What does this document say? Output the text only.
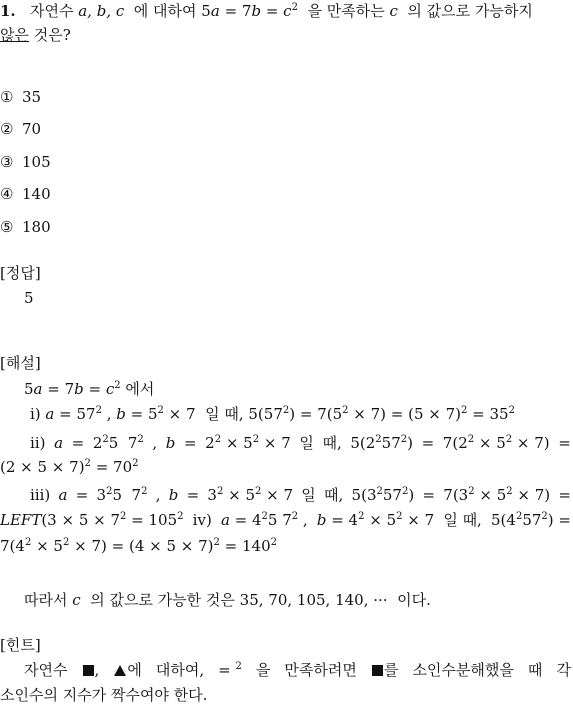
1.   자연수 a, b, c  에 대하여 $5a = 7b = c^2$  을 만족하는 c  의 값으로 가능하지
않은 것은?
① 35
② 70
③ 105
④ 140
⑤ 180
[정답]
5
[해설]
$5a = 7b = c^2$ 에서
ⅰ) $a = 57^2$ , $b = 5^2 \times 7$  일 때, $5(57^2) = 7(5^2 \times 7) = (5 \times 7)^2 = 35^2$
ⅱ) $a = 2^25$  $7^2$ , $b = 2^2 \times 5^2 \times 7$ 일 때, $5(2^257^2) = 7(2^2 \times 5^2 \times 7)$ =
$(2 \times 5 \times 7)^2 = 70^2$
ⅲ) $a = 3^25$  $7^2$ , $b = 3^2 \times 5^2 \times 7$ 일 때, $5(3^257^2) = 7(3^2 \times 5^2 \times 7)$ =
LEFT(3 × $5 \times 7^2 = 105^2$ ⅳ) $a = 4^25$ $7^2$ , $b = 4^2 \times 5^2 \times 7$ 일 때, $5(4^257^2)$ =
$7(4^2 \times 5^2 \times 7) = (4 \times 5 \times 7)^2 = 140^2$
따라서 c  의 값으로 가능한 것은 35, 70, 105, 140, ···  이다.
[힌트]
자연수	,	에 대하여, = $^2$ 을 만족하려면	를 소인수분해했을 때 각
소인수의 지수가 짝수여야 한다.
